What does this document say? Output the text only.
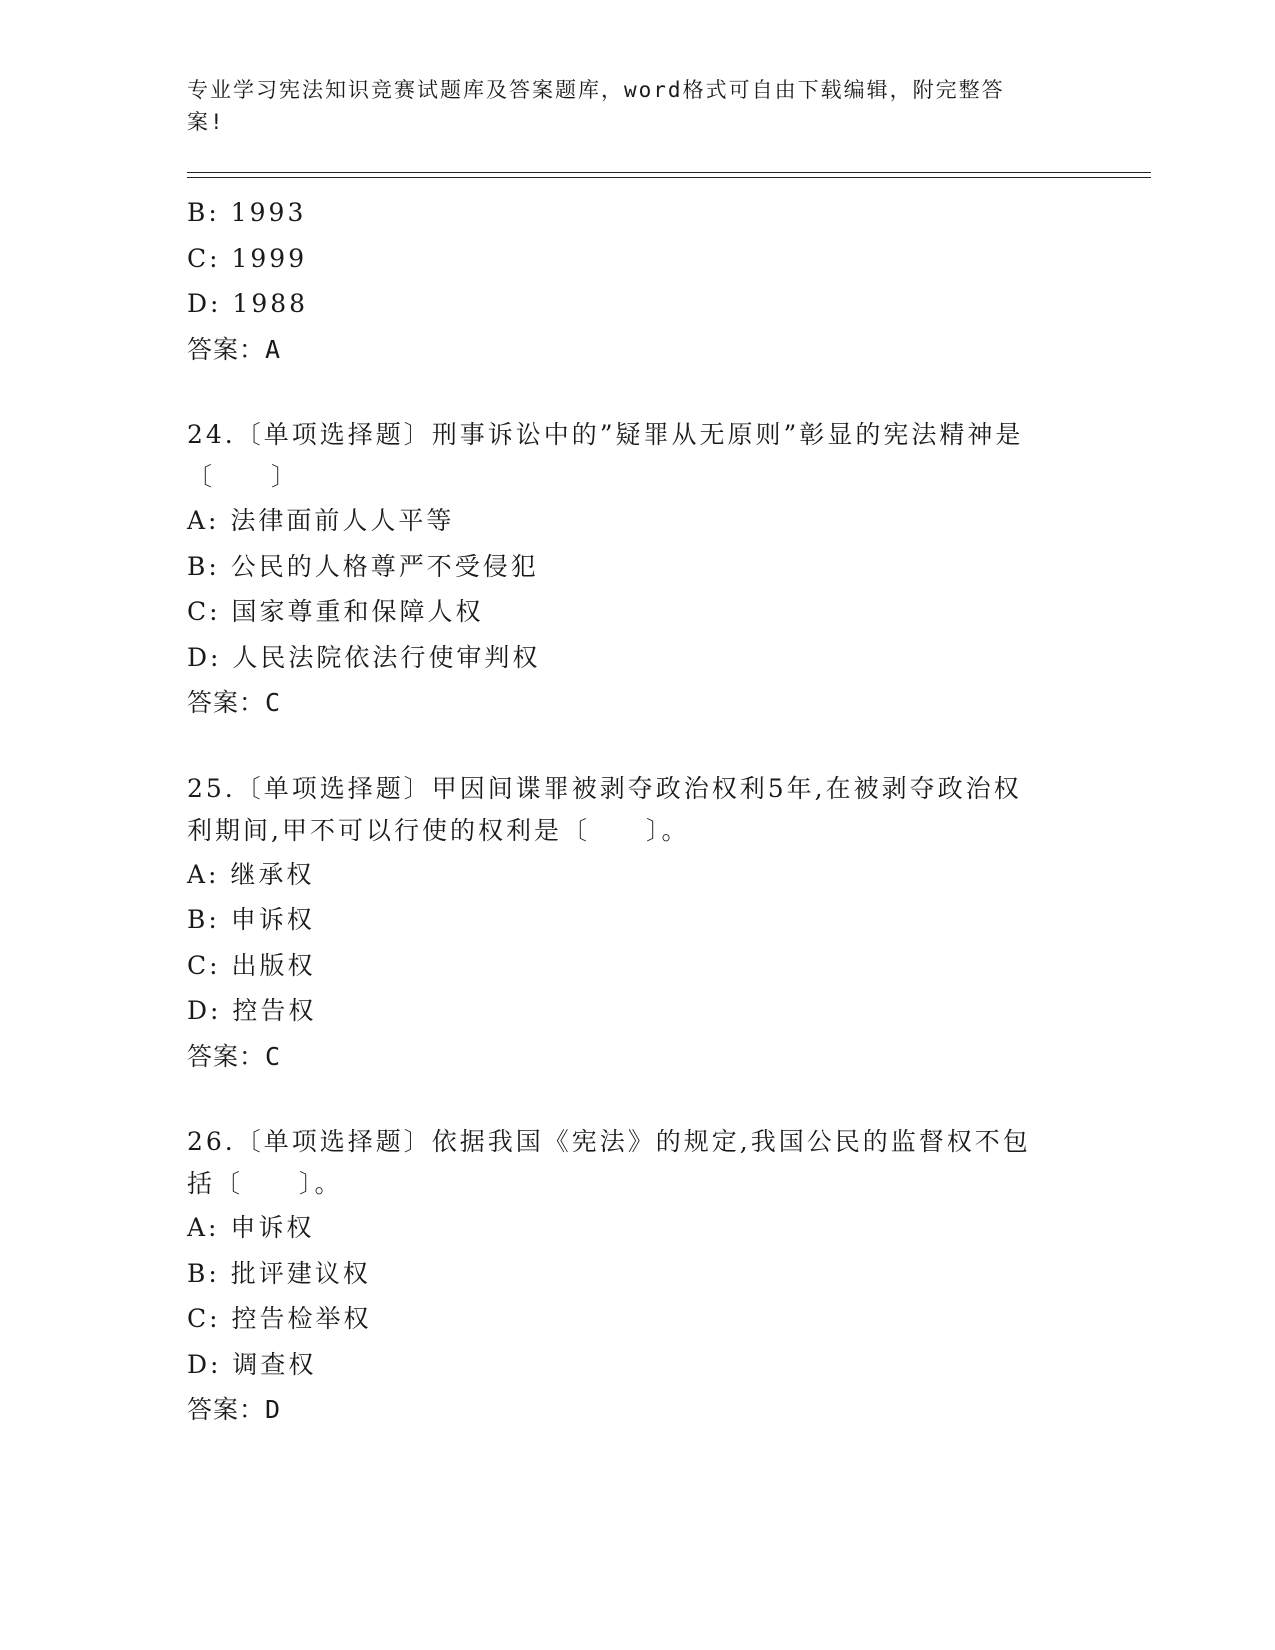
专业学习宪法知识竞赛试题库及答案题库，word格式可自由下载编辑，附完整答
案!
B: 1993
C: 1999
D: 1988
答案：A
24.〔单项选择题〕刑事诉讼中的”疑罪从无原则”彰显的宪法精神是
〔　　〕
A: 法律面前人人平等
B: 公民的人格尊严不受侵犯
C: 国家尊重和保障人权
D: 人民法院依法行使审判权
答案：C
25.〔单项选择题〕甲因间谍罪被剥夺政治权利5年,在被剥夺政治权
利期间,甲不可以行使的权利是〔　　〕。
A: 继承权
B: 申诉权
C: 出版权
D: 控告权
答案：C
26.〔单项选择题〕依据我国《宪法》的规定,我国公民的监督权不包
括〔　　〕。
A: 申诉权
B: 批评建议权
C: 控告检举权
D: 调查权
答案：D
